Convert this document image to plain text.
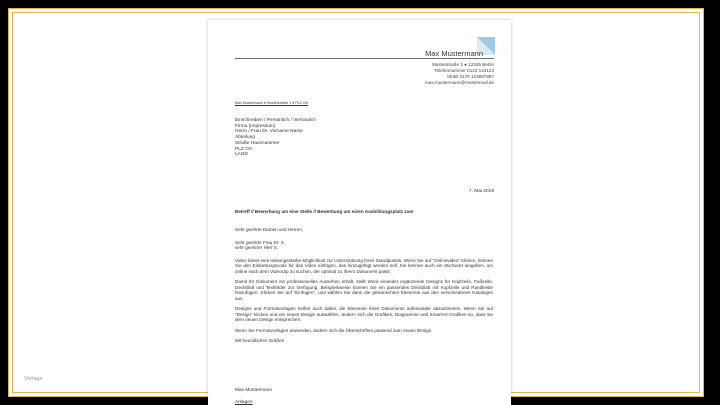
Max Mustermann
Musterstraße 1 ● 12345 Berlin
Telefonnummer 0123 123123
Mobil 0176 123987987
max.mustermann@mustermail.de
Max Mustermann ● Musterstraße 1 ● PLZ Ort
Einschreiben / Persönlich / Vertraulich
Firma (Impressum)
Herrn / Frau Dr. Vorname Name
Abteilung
Straße Hausnummer
PLZ Ort
LAND
7. Mai 2019
Betreff // Bewerbung um eine Stelle // Bewerbung um einen Ausbildungsplatz zum

Sehr geehrte Damen und Herren,

Sehr geehrte Frau Dr. X,
sehr geehrter Herr X,

Video bietet eine leistungsstarke Möglichkeit zur Unterstützung Ihres Standpunkts. Wenn Sie auf "Onlinevideo" klicken, können Sie den Einbettungscode für das Video einfügen, das hinzugefügt werden soll. Sie können auch ein Stichwort eingeben, um online nach dem Videoclip zu suchen, der optimal zu Ihrem Dokument passt.

Damit Ihr Dokument ein professionelles Aussehen erhält, stellt Word einander ergänzende Designs für Kopfzeile, Fußzeile, Deckblatt und Textfelder zur Verfügung. Beispielsweise können Sie ein passendes Deckblatt mit Kopfzeile und Randleiste hinzufügen. Klicken Sie auf "Einfügen", und wählen Sie dann die gewünschten Elemente aus den verschiedenen Katalogen aus.

Designs und Formatvorlagen helfen auch dabei, die Elemente Ihres Dokuments aufeinander abzustimmen. Wenn Sie auf "Design" klicken und ein neues Design auswählen, ändern sich die Grafiken, Diagramme und SmartArt-Grafiken so, dass sie dem neuen Design entsprechen.

Wenn Sie Formatvorlagen anwenden, ändern sich die Überschriften passend zum neuen Design.

Mit freundlichen Grüßen

Max Mustermann
Anlagen
Vorlage
